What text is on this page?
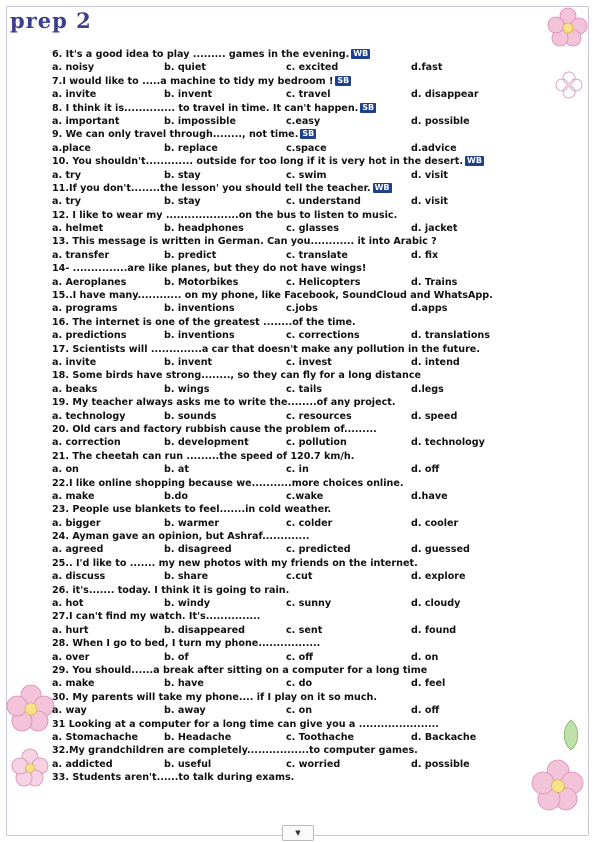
prep 2
6. It's a good idea to play ......... games in the evening. WB
a. noisy	b. quiet	c. excited	d.fast
7.I would like to .....a machine to tidy my bedroom ! SB
a. invite	b. invent	c. travel	d. disappear
8. I think it is.............. to travel in time. It can't happen. SB
a. important	b. impossible	c.easy	d. possible
9. We can only travel through........, not time. SB
a.place	b. replace	c.space	d.advice
10. You shouldn't............. outside for too long if it is very hot in the desert. WB
a. try	b. stay	c. swim	d. visit
11.If you don't........the lesson' you should tell the teacher. WB
a. try	b. stay	c. understand	d. visit
12. I like to wear my ....................on the bus to listen to music.
a. helmet	b. headphones	c. glasses	d. jacket
13. This message is written in German. Can you............ it into Arabic ?
a. transfer	b. predict	c. translate	d. fix
14- ...............are like planes, but they do not have wings!
a. Aeroplanes	b. Motorbikes	c. Helicopters	d. Trains
15..I have many............ on my phone, like Facebook, SoundCloud and WhatsApp.
a. programs	b. inventions	c.jobs	d.apps
16. The internet is one of the greatest ........of the time.
a. predictions	b. inventions	c. corrections	d. translations
17. Scientists will ..............a car that doesn't make any pollution in the future.
a. invite	b. invent	c. invest	d. intend
18. Some birds have strong........, so they can fly for a long distance
a. beaks	b. wings	c. tails	d.legs
19. My teacher always asks me to write the........of any project.
a. technology	b. sounds	c. resources	d. speed
20. Old cars and factory rubbish cause the problem of.........
a. correction	b. development	c. pollution	d. technology
21. The cheetah can run .........the speed of 120.7 km/h.
a. on	b. at	c. in	d. off
22.I like online shopping because we...........more choices online.
a. make	b.do	c.wake	d.have
23. People use blankets to feel.......in cold weather.
a. bigger	b. warmer	c. colder	d. cooler
24. Ayman gave an opinion, but Ashraf.............
a. agreed	b. disagreed	c. predicted	d. guessed
25.. I'd like to ....... my new photos with my friends on the internet.
a. discuss	b. share	c.cut	d. explore
26. it's....... today. I think it is going to rain.
a. hot	b. windy	c. sunny	d. cloudy
27.I can't find my watch. It's...............
a. hurt	b. disappeared	c. sent	d. found
28. When I go to bed, I turn my phone.................
a. over	b. of	c. off	d. on
29. You should......a break after sitting on a computer for a long time
a. make	b. have	c. do	d. feel
30. My parents will take my phone.... if I play on it so much.
a. way	b. away	c. on	d. off
31 Looking at a computer for a long time can give you a ......................
a. Stomachache	b. Headache	c. Toothache	d. Backache
32.My grandchildren are completely.................to computer games.
a. addicted	b. useful	c. worried	d. possible
33. Students aren't......to talk during exams.
▼
